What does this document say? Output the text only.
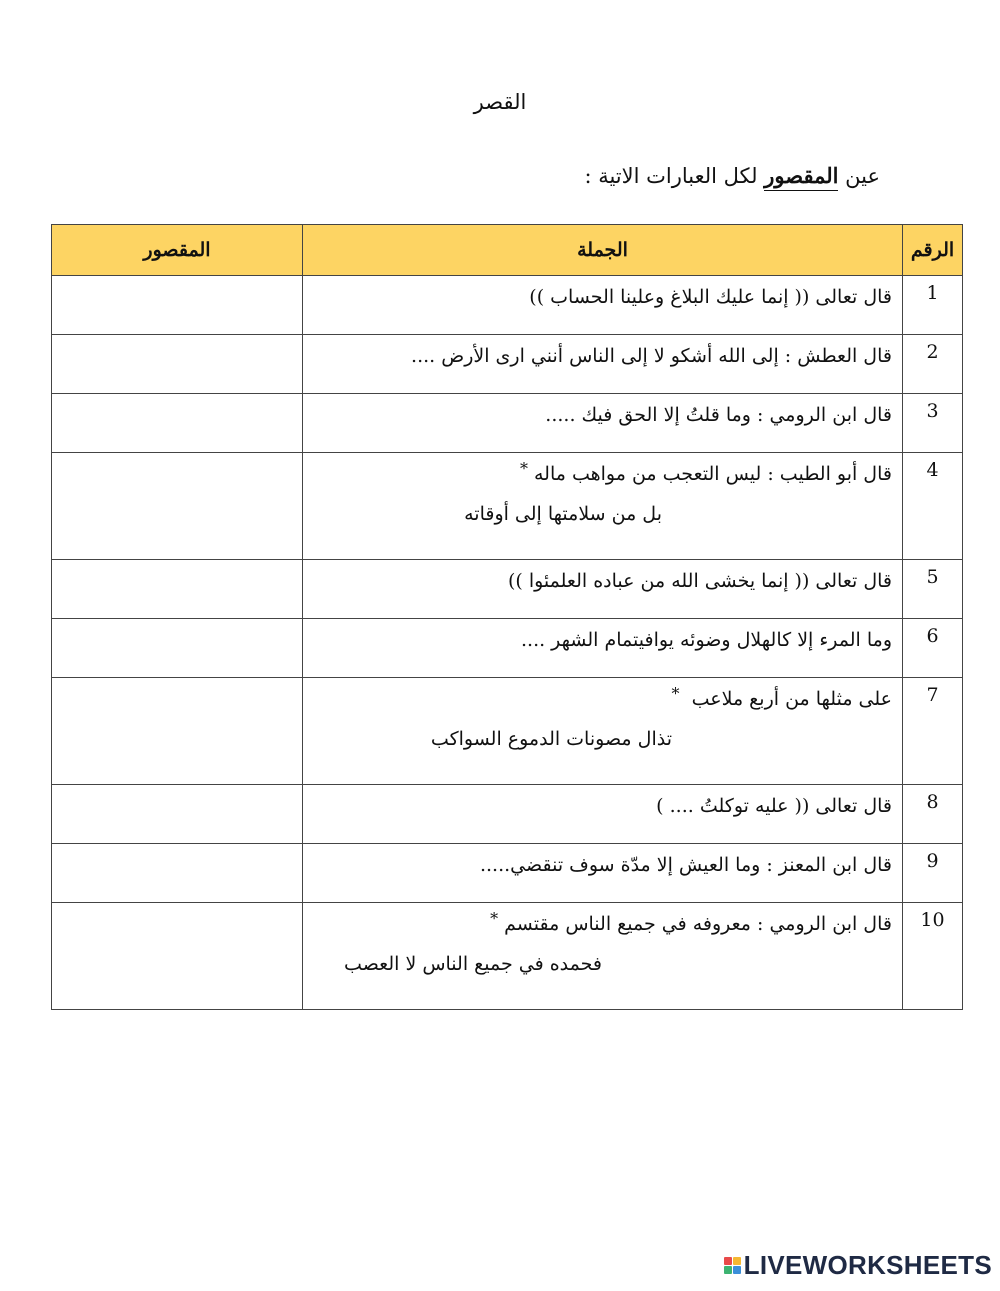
القصر
عين المقصور لكل العبارات الاتية :
الرقم	الجملة	المقصور
1	قال تعالى (( إنما عليك البلاغ وعلينا الحساب ))	

2	قال العطش : إلى الله أشكو لا إلى الناس أنني ارى الأرض ....	

3	قال ابن الرومي : وما قلتُ إلا الحق فيك .....	

4	قال أبو الطيب : ليس التعجب من مواهب ماله *
بل من سلامتها إلى أوقاته	

5	قال تعالى (( إنما يخشى الله من عباده العلمئوا ))	

6	وما المرء إلا كالهلال وضوئه يوافيتمام الشهر ....	

7	على مثلها من أربع ملاعب  *
تذال مصونات الدموع السواكب	

8	قال تعالى (( عليه توكلتُ .... )	

9	قال ابن المعنز : وما العيش إلا مدّة سوف تنقضي.....	

10	قال ابن الرومي : معروفه في جميع الناس مقتسم *
فحمده في جميع الناس لا العصب	

LIVEWORKSHEETS
